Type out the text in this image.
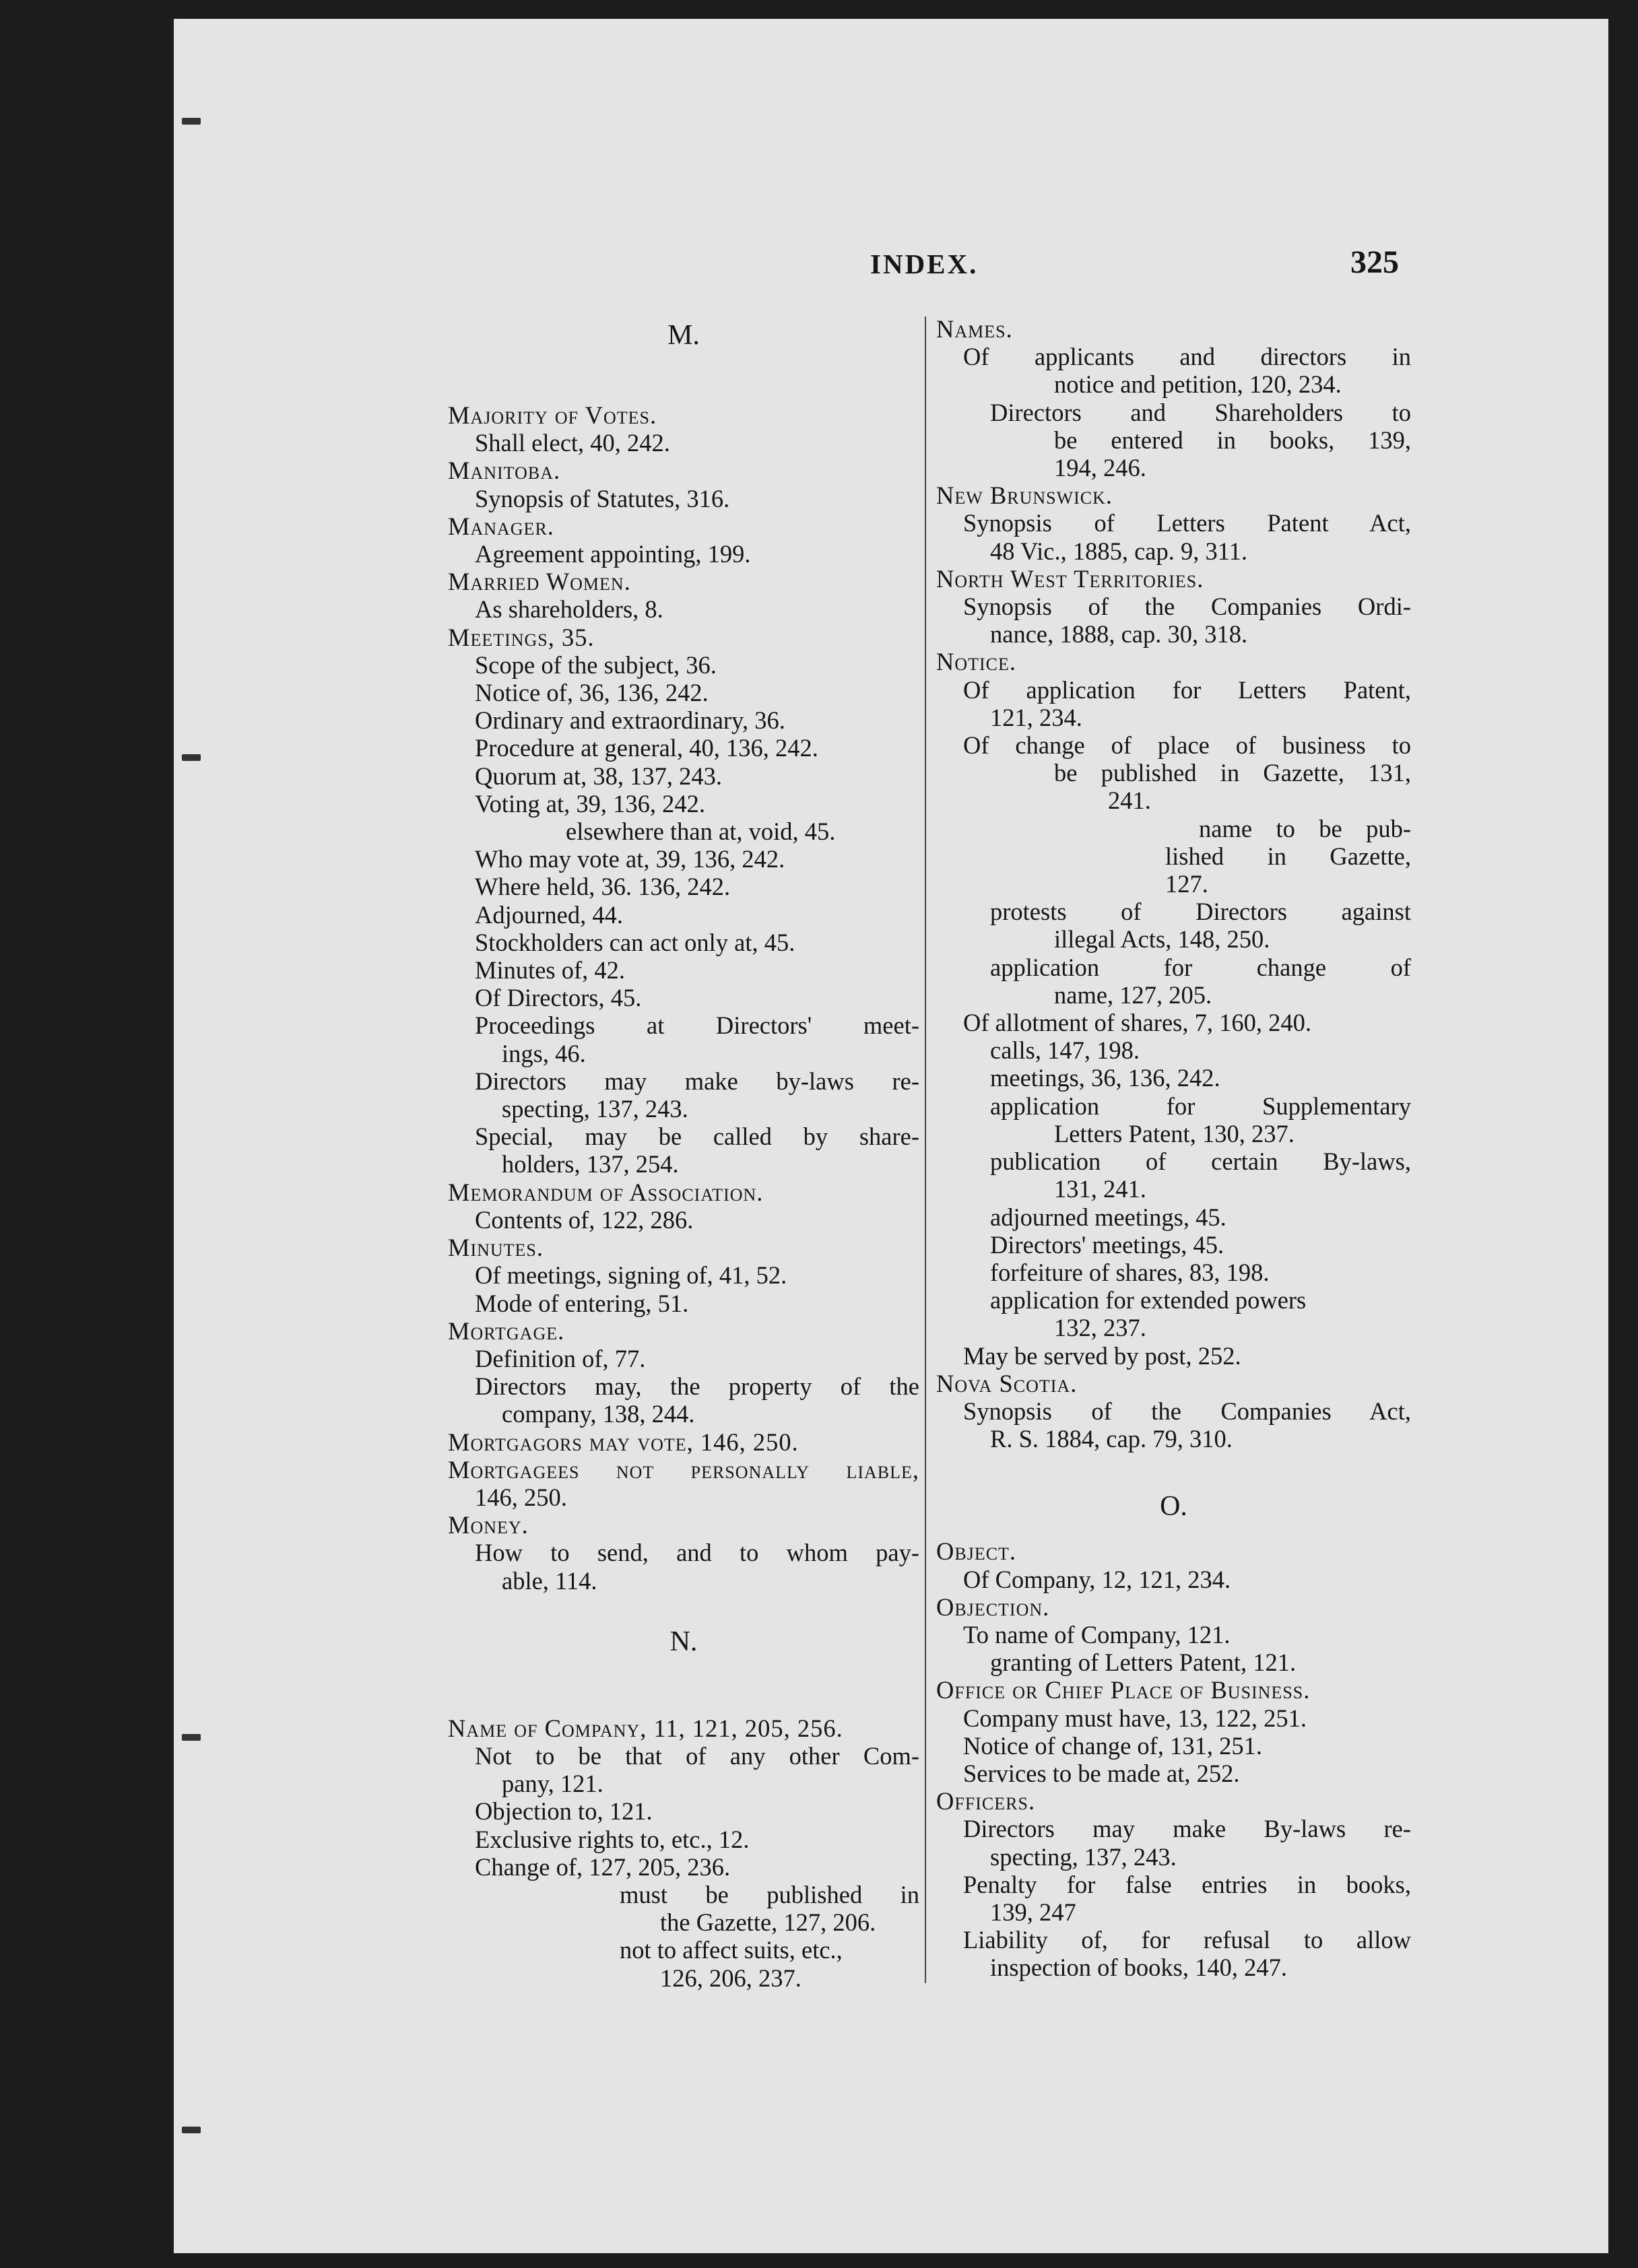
INDEX.	325
M.
Majority of Votes.
Shall elect, 40, 242.
Manitoba.
Synopsis of Statutes, 316.
Manager.
Agreement appointing, 199.
Married Women.
As shareholders, 8.
Meetings, 35.
Scope of the subject, 36.
Notice of, 36, 136, 242.
Ordinary and extraordinary, 36.
Procedure at general, 40, 136, 242.
Quorum at, 38, 137, 243.
Voting at, 39, 136, 242.
elsewhere than at, void, 45.
Who may vote at, 39, 136, 242.
Where held, 36. 136, 242.
Adjourned, 44.
Stockholders can act only at, 45.
Minutes of, 42.
Of Directors, 45.
Proceedings at Directors' meet-
ings, 46.
Directors may make by-laws re-
specting, 137, 243.
Special, may be called by share-
holders, 137, 254.
Memorandum of Association.
Contents of, 122, 286.
Minutes.
Of meetings, signing of, 41, 52.
Mode of entering, 51.
Mortgage.
Definition of, 77.
Directors may, the property of the
company, 138, 244.
Mortgagors may vote, 146, 250.
Mortgagees not personally liable,
146, 250.
Money.
How to send, and to whom pay-
able, 114.
N.
Name of Company, 11, 121, 205, 256.
Not to be that of any other Com-
pany, 121.
Objection to, 121.
Exclusive rights to, etc., 12.
Change of, 127, 205, 236.
must be published in
the Gazette, 127, 206.
not to affect suits, etc.,
126, 206, 237.
Names.
Of applicants and directors in
notice and petition, 120, 234.
Directors and Shareholders to
be entered in books, 139,
194, 246.
New Brunswick.
Synopsis of Letters Patent Act,
48 Vic., 1885, cap. 9, 311.
North West Territories.
Synopsis of the Companies Ordi-
nance, 1888, cap. 30, 318.
Notice.
Of application for Letters Patent,
121, 234.
Of change of place of business to
be published in Gazette, 131,
241.
name to be pub-
lished in Gazette,
127.
protests of Directors against
illegal Acts, 148, 250.
application for change of
name, 127, 205.
Of allotment of shares, 7, 160, 240.
calls, 147, 198.
meetings, 36, 136, 242.
application for Supplementary
Letters Patent, 130, 237.
publication of certain By-laws,
131, 241.
adjourned meetings, 45.
Directors' meetings, 45.
forfeiture of shares, 83, 198.
application for extended powers
132, 237.
May be served by post, 252.
Nova Scotia.
Synopsis of the Companies Act,
R. S. 1884, cap. 79, 310.
O.
Object.
Of Company, 12, 121, 234.
Objection.
To name of Company, 121.
granting of Letters Patent, 121.
Office or Chief Place of Business.
Company must have, 13, 122, 251.
Notice of change of, 131, 251.
Services to be made at, 252.
Officers.
Directors may make By-laws re-
specting, 137, 243.
Penalty for false entries in books,
139, 247
Liability of, for refusal to allow
inspection of books, 140, 247.
